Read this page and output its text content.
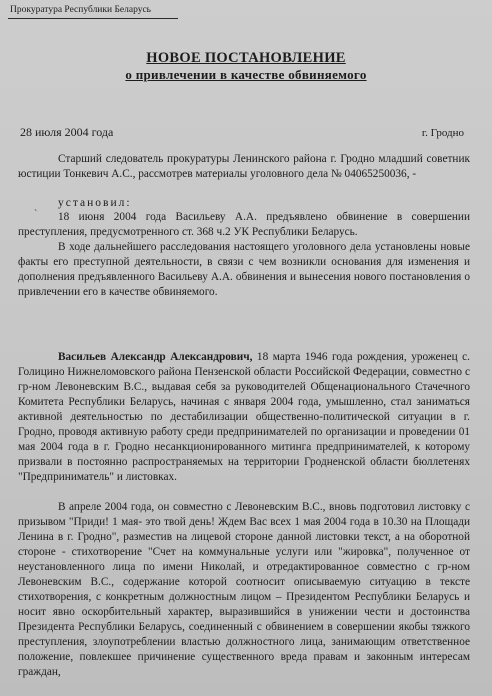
Прокуратура Республики Беларусь
НОВОЕ ПОСТАНОВЛЕНИЕ
о привлечении в качестве обвиняемого
28 июля 2004 года	г. Гродно
Старший следователь прокуратуры Ленинского района г. Гродно младший советник юстиции Тонкевич А.С., рассмотрев материалы уголовного дела № 04065250036, -
установил:
`	18 июня 2004 года Васильеву А.А. предъявлено обвинение в совершении преступления, предусмотренного ст. 368 ч.2 УК Республики Беларусь.
В ходе дальнейшего расследования настоящего уголовного дела установлены новые факты его преступной деятельности, в связи с чем возникли основания для изменения и дополнения предъявленного Васильеву А.А. обвинения и вынесения нового постановления о привлечении его в качестве обвиняемого.
Васильев Александр Александрович, 18 марта 1946 года рождения, уроженец с. Голицино Нижнеломовского района Пензенской области Российской Федерации, совместно с гр-ном Левоневским В.С., выдавая себя за руководителей Общенационального Стачечного Комитета Республики Беларусь, начиная с января 2004 года, умышленно, стал заниматься активной деятельностью по дестабилизации общественно-политической ситуации в г. Гродно, проводя активную работу среди предпринимателей по организации и проведении 01 мая 2004 года в г. Гродно несанкционированного митинга предпринимателей, к которому призвали в постоянно распространяемых на территории Гродненской области бюллетенях "Предприниматель" и листовках.
В апреле 2004 года, он совместно с Левоневским В.С., вновь подготовил листовку с призывом "Приди! 1 мая- это твой день! Ждем Вас всех 1 мая 2004 года в 10.30 на Площади Ленина в г. Гродно", разместив на лицевой стороне данной листовки текст, а на оборотной стороне - стихотворение "Счет на коммунальные услуги или "жировка", полученное от неустановленного лица по имени Николай, и отредактированное совместно с гр-ном Левоневским В.С., содержание которой соотносит описываемую ситуацию в тексте стихотворения, с конкретным должностным лицом – Президентом Республики Беларусь и носит явно оскорбительный характер, выразившийся в унижении чести и достоинства Президента Республики Беларусь, соединенный с обвинением в совершении якобы тяжкого преступления, злоупотреблении властью должностного лица, занимающим ответственное положение, повлекшее причинение существенного вреда правам и законным интересам граждан,
